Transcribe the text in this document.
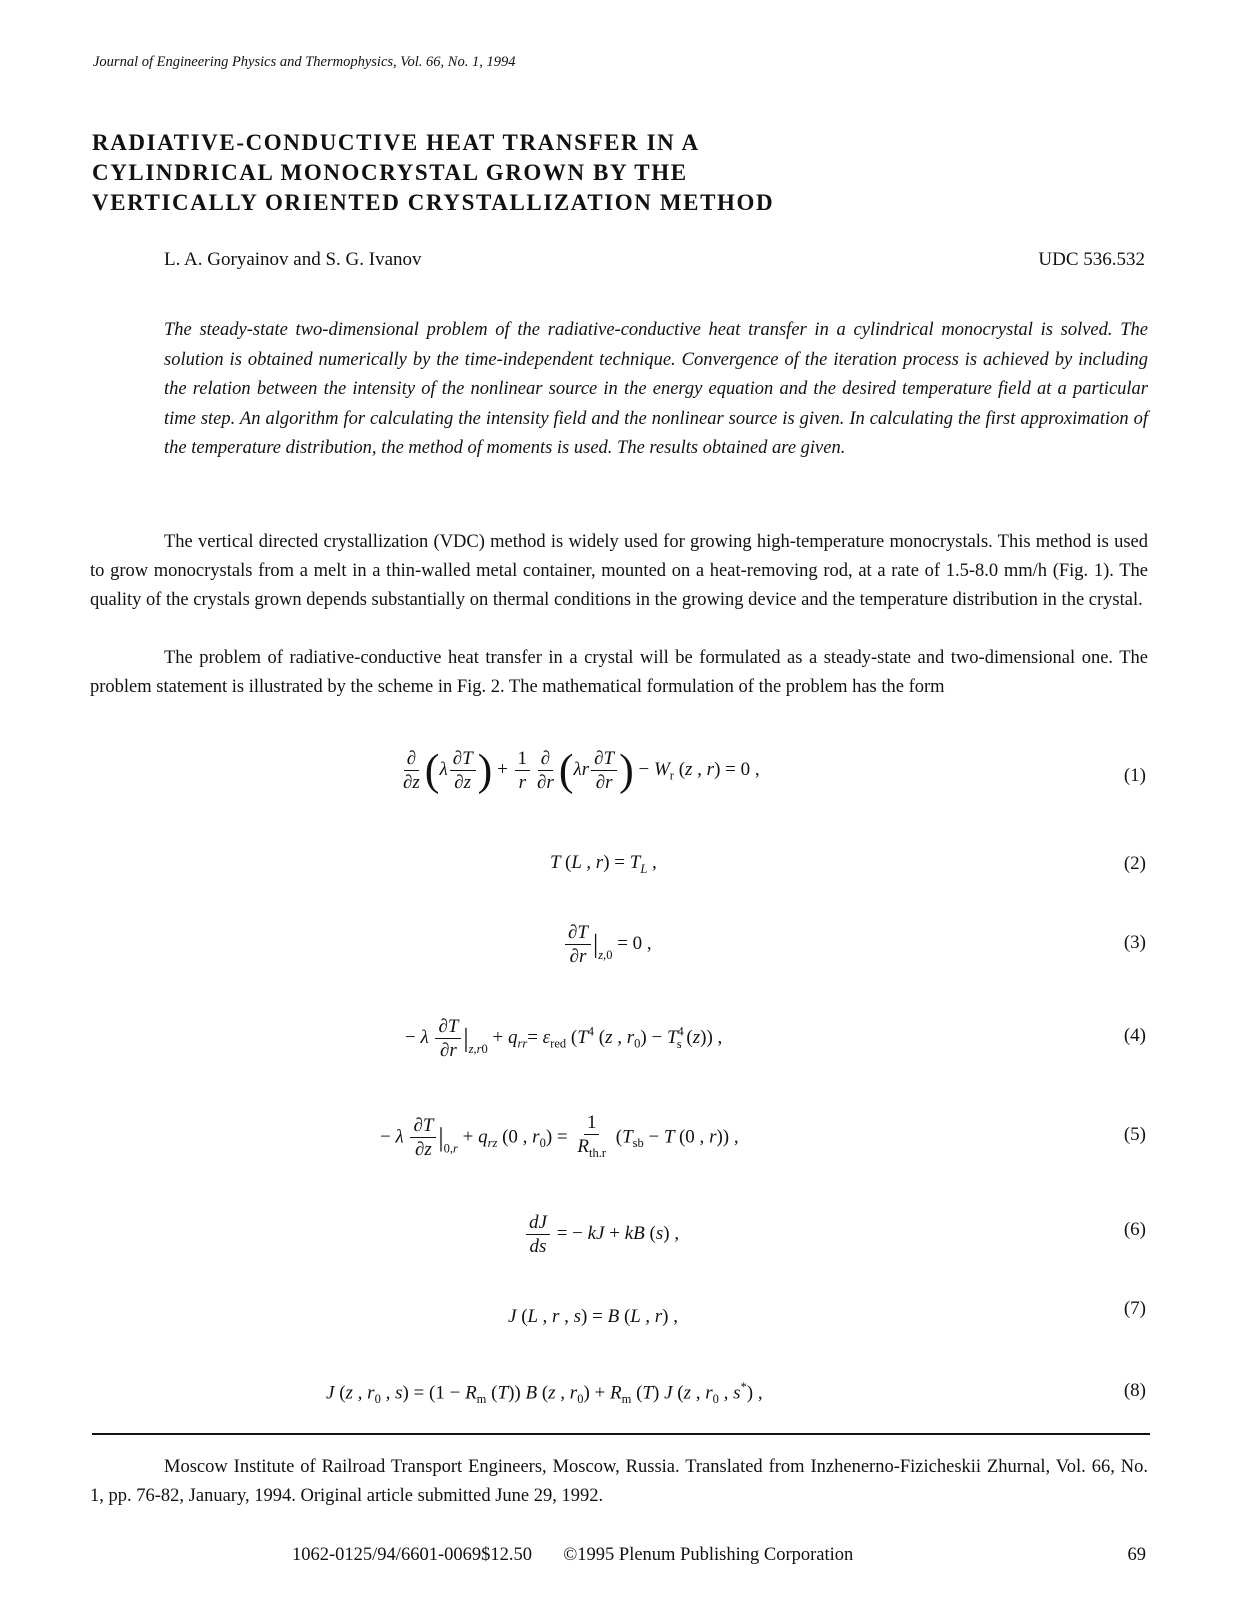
Journal of Engineering Physics and Thermophysics, Vol. 66, No. 1, 1994
RADIATIVE-CONDUCTIVE HEAT TRANSFER IN A
CYLINDRICAL MONOCRYSTAL GROWN BY THE
VERTICALLY ORIENTED CRYSTALLIZATION METHOD
L. A. Goryainov and S. G. Ivanov	UDC 536.532
The steady-state two-dimensional problem of the radiative-conductive heat transfer in a cylindrical monocrystal is solved. The solution is obtained numerically by the time-independent technique. Convergence of the iteration process is achieved by including the relation between the intensity of the nonlinear source in the energy equation and the desired temperature field at a particular time step. An algorithm for calculating the intensity field and the nonlinear source is given. In calculating the first approximation of the temperature distribution, the method of moments is used. The results obtained are given.
The vertical directed crystallization (VDC) method is widely used for growing high-temperature monocrystals. This method is used to grow monocrystals from a melt in a thin-walled metal container, mounted on a heat-removing rod, at a rate of 1.5-8.0 mm/h (Fig. 1). The quality of the crystals grown depends substantially on thermal conditions in the growing device and the temperature distribution in the crystal.
The problem of radiative-conductive heat transfer in a crystal will be formulated as a steady-state and two-dimensional one. The problem statement is illustrated by the scheme in Fig. 2. The mathematical formulation of the problem has the form
$\frac{\partial}{\partial z} (\lambda \frac{\partial T}{\partial z}$ ) + $\frac{1}{r} \frac{\partial}{\partial r} (\lambda r \frac{\partial T}{\partial r}$ ) − $W_r$ (z , r) = 0 ,	(1)
T (L , $r) = T_L$ ,	(2)
$\frac{\partial T}{\partial r} |_{z,0} = 0$ ,	(3)
− λ $\frac{\partial T}{\partial r} |_{z,r0} + q_{rr}= \varepsilon_{red}$ ($T^4$ (z , $r_0) - T^4_s$ (z)) ,	(4)
− λ $\frac{\partial T}{\partial z} |_{0,r} + q_{rz}$ (0 , $r_0) = \frac{1}{R_{th.r}} (T_{sb} - T$ (0 , r)) ,	(5)
$\frac{dJ}{ds}$ = − kJ + kB (s) ,	(6)
J (L , r , s) = B (L , r) ,	(7)
J (z , $r_0$ , $s) = (1 - R_m$ (T)) B (z , $r_0) + R_m$ (T) J (z , $r_0$ , s*) ,	(8)
Moscow Institute of Railroad Transport Engineers, Moscow, Russia. Translated from Inzhenerno-Fizicheskii Zhurnal, Vol. 66, No. 1, pp. 76-82, January, 1994. Original article submitted June 29, 1992.
1062-0125/94/6601-0069$12.50 ©1995 Plenum Publishing Corporation	69
